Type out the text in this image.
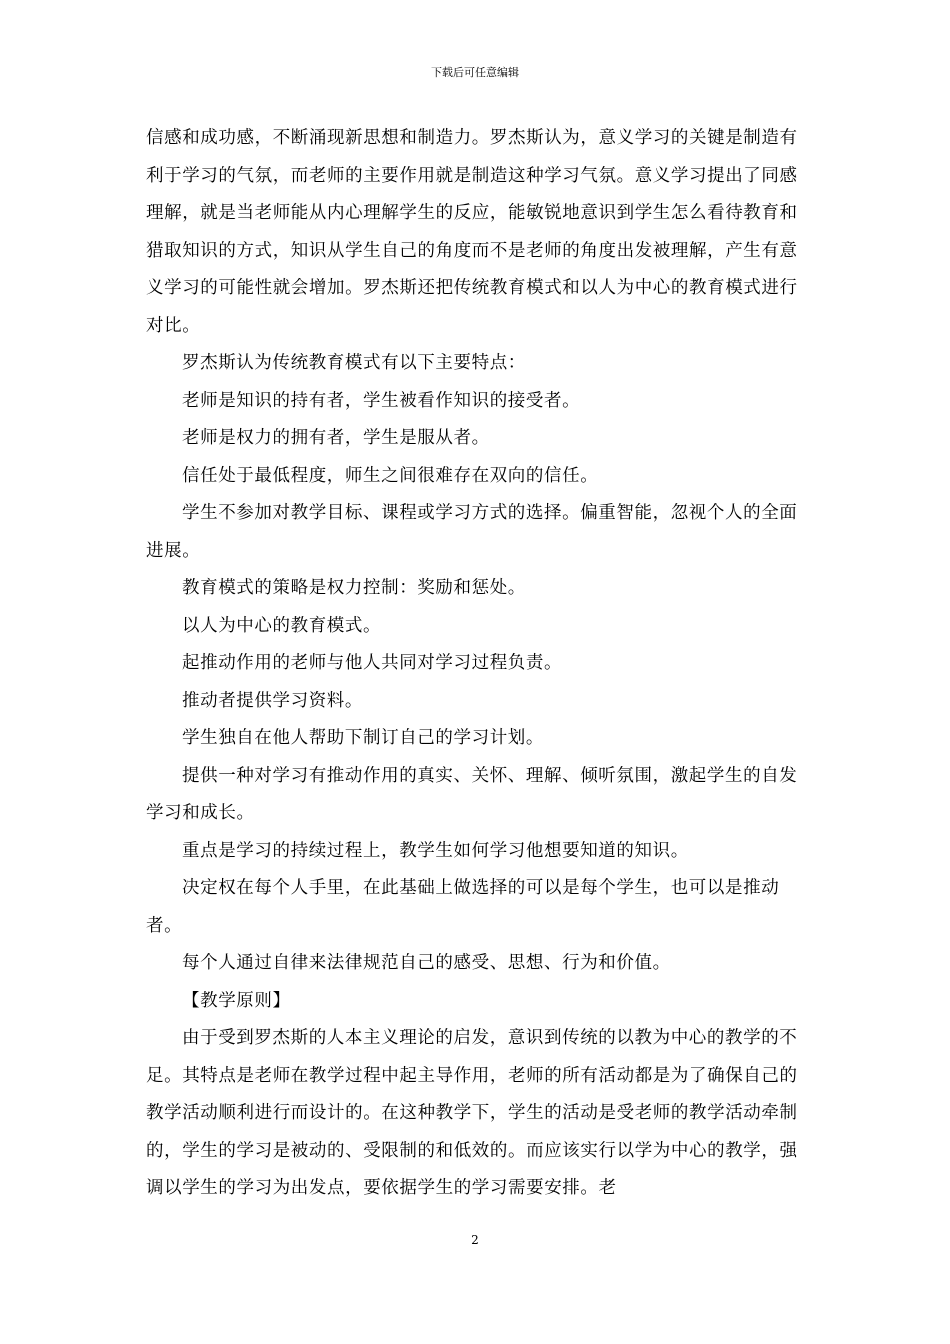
下载后可任意编辑

信感和成功感，不断涌现新思想和制造力。罗杰斯认为，意义学习的关键是制造有利于学习的气氛，而老师的主要作用就是制造这种学习气氛。意义学习提出了同感理解，就是当老师能从内心理解学生的反应，能敏锐地意识到学生怎么看待教育和猎取知识的方式，知识从学生自己的角度而不是老师的角度出发被理解，产生有意义学习的可能性就会增加。罗杰斯还把传统教育模式和以人为中心的教育模式进行对比。

罗杰斯认为传统教育模式有以下主要特点：

老师是知识的持有者，学生被看作知识的接受者。

老师是权力的拥有者，学生是服从者。

信任处于最低程度，师生之间很难存在双向的信任。

学生不参加对教学目标、课程或学习方式的选择。偏重智能，忽视个人的全面进展。

教育模式的策略是权力控制：奖励和惩处。

以人为中心的教育模式。

起推动作用的老师与他人共同对学习过程负责。

推动者提供学习资料。

学生独自在他人帮助下制订自己的学习计划。

提供一种对学习有推动作用的真实、关怀、理解、倾听氛围，激起学生的自发学习和成长。

重点是学习的持续过程上，教学生如何学习他想要知道的知识。

决定权在每个人手里，在此基础上做选择的可以是每个学生，也可以是推动者。

每个人通过自律来法律规范自己的感受、思想、行为和价值。

【教学原则】

由于受到罗杰斯的人本主义理论的启发，意识到传统的以教为中心的教学的不足。其特点是老师在教学过程中起主导作用，老师的所有活动都是为了确保自己的教学活动顺利进行而设计的。在这种教学下，学生的活动是受老师的教学活动牵制的，学生的学习是被动的、受限制的和低效的。而应该实行以学为中心的教学，强调以学生的学习为出发点，要依据学生的学习需要安排。老

2
